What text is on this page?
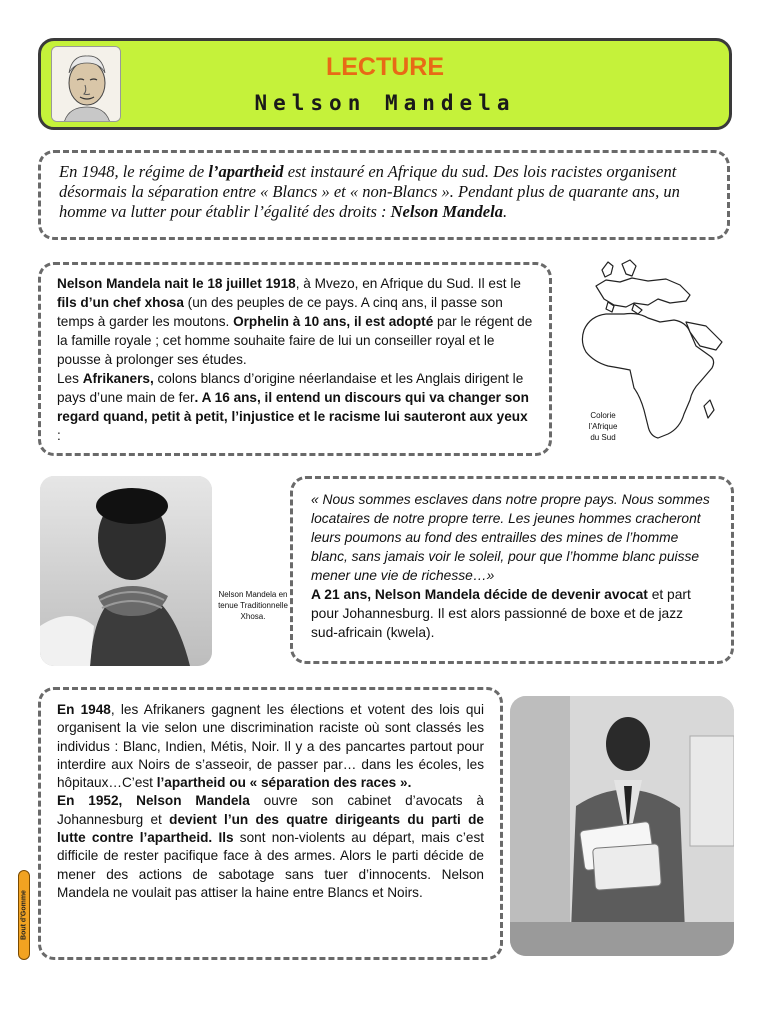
LECTURE
Nelson Mandela
En 1948, le régime de l’apartheid est instauré en Afrique du sud. Des lois racistes organisent désormais la séparation entre « Blancs » et « non-Blancs ». Pendant plus de quarante ans, un homme va lutter pour établir l’égalité des droits : Nelson Mandela.
Nelson Mandela nait le 18 juillet 1918, à Mvezo, en Afrique du Sud. Il est le fils d’un chef xhosa (un des peuples de ce pays. A cinq ans, il passe son temps à garder les moutons. Orphelin à 10 ans, il est adopté par le régent de la famille royale ; cet homme souhaite faire de lui un conseiller royal et le pousse à prolonger ses études.
Les Afrikaners, colons blancs d’origine néerlandaise et les Anglais dirigent le pays d’une main de fer. A 16 ans, il entend un discours qui va changer son regard quand, petit à petit, l’injustice et le racisme lui sauteront aux yeux :
Colorie l’Afrique du Sud
Nelson Mandela en tenue Traditionnelle Xhosa.
« Nous sommes esclaves dans notre propre pays. Nous sommes locataires de notre propre terre. Les jeunes hommes cracheront leurs poumons au fond des entrailles des mines de l’homme blanc, sans jamais voir le soleil, pour que l’homme blanc puisse mener une vie de richesse…»
A 21 ans, Nelson Mandela décide de devenir avocat et part pour Johannesburg. Il est alors passionné de boxe et de jazz sud-africain (kwela).
En 1948, les Afrikaners gagnent les élections et votent des lois qui organisent la vie selon une discrimination raciste où sont classés les individus : Blanc, Indien, Métis, Noir. Il y a des pancartes partout pour interdire aux Noirs de s’asseoir, de passer par… dans les écoles, les hôpitaux…C’est l’apartheid ou « séparation des races ».
En 1952, Nelson Mandela ouvre son cabinet d’avocats à Johannesburg et devient l’un des quatre dirigeants du parti de lutte contre l’apartheid. Ils sont non-violents au départ, mais c’est difficile de rester pacifique face à des armes. Alors le parti décide de mener des actions de sabotage sans tuer d’innocents. Nelson Mandela ne voulait pas attiser la haine entre Blancs et Noirs.
Bout d'Gomme
